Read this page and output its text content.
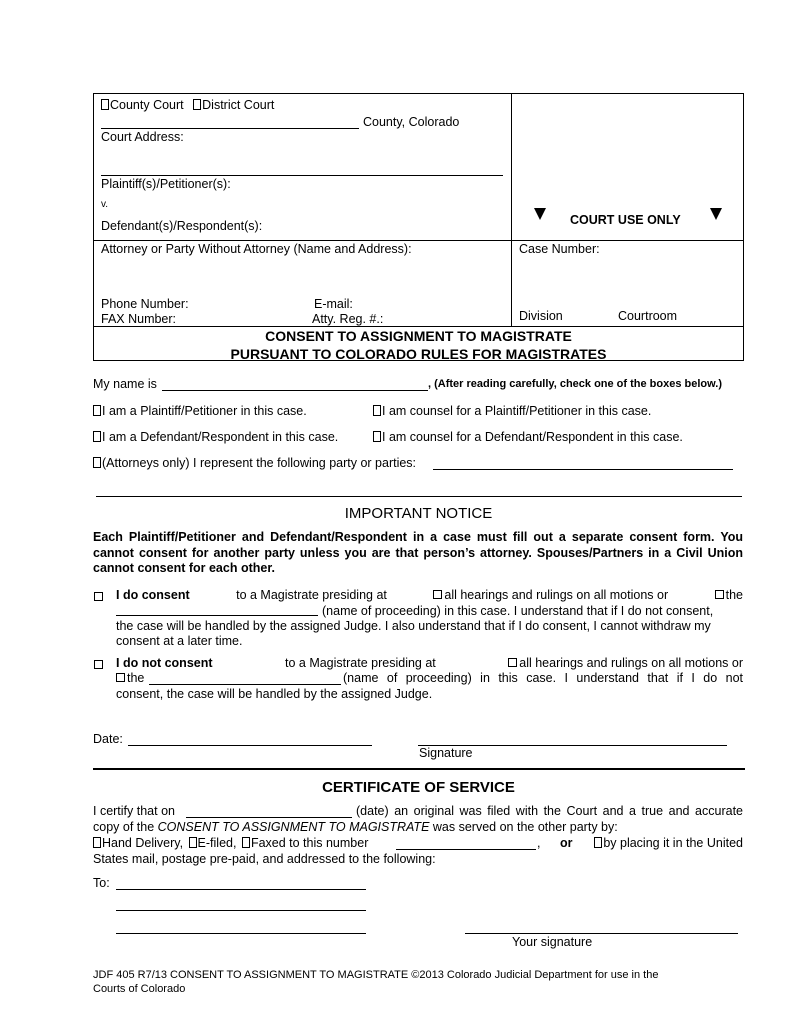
County Court District Court
County, Colorado
Court Address:
Plaintiff(s)/Petitioner(s):
v.
Defendant(s)/Respondent(s):	COURT USE ONLY
Attorney or Party Without Attorney (Name and Address):
Phone Number:	E-mail:
FAX Number:	Atty. Reg. #.:
Case Number:
Division	Courtroom
CONSENT TO ASSIGNMENT TO MAGISTRATE
PURSUANT TO COLORADO RULES FOR MAGISTRATES
My name is	, (After reading carefully, check one of the boxes below.)
I am a Plaintiff/Petitioner in this case.	I am counsel for a Plaintiff/Petitioner in this case.
I am a Defendant/Respondent in this case.	I am counsel for a Defendant/Respondent in this case.
(Attorneys only) I represent the following party or parties:
IMPORTANT NOTICE
Each Plaintiff/Petitioner and Defendant/Respondent in a case must fill out a separate consent form. You cannot consent for another party unless you are that person’s attorney. Spouses/Partners in a Civil Union cannot consent for each other.
I do consent	to a Magistrate presiding at	all hearings and rulings on all motions or	the
(name of proceeding) in this case. I understand that if I do not consent,
the case will be handled by the assigned Judge. I also understand that if I do consent, I cannot withdraw my
consent at a later time.
I do not consent	to a Magistrate presiding at	all hearings and rulings on all motions or
the	(name of proceeding) in this case. I understand that if I do not
consent, the case will be handled by the assigned Judge.
Date:
Signature
CERTIFICATE OF SERVICE
I certify that on	(date) an original was filed with the Court and a true and accurate
copy of the CONSENT TO ASSIGNMENT TO MAGISTRATE was served on the other party by:
Hand Delivery, E-filed, Faxed to this number	, or	by placing it in the United
States mail, postage pre-paid, and addressed to the following:
To:
Your signature
JDF 405 R7/13 CONSENT TO ASSIGNMENT TO MAGISTRATE ©2013 Colorado Judicial Department for use in the
Courts of Colorado
